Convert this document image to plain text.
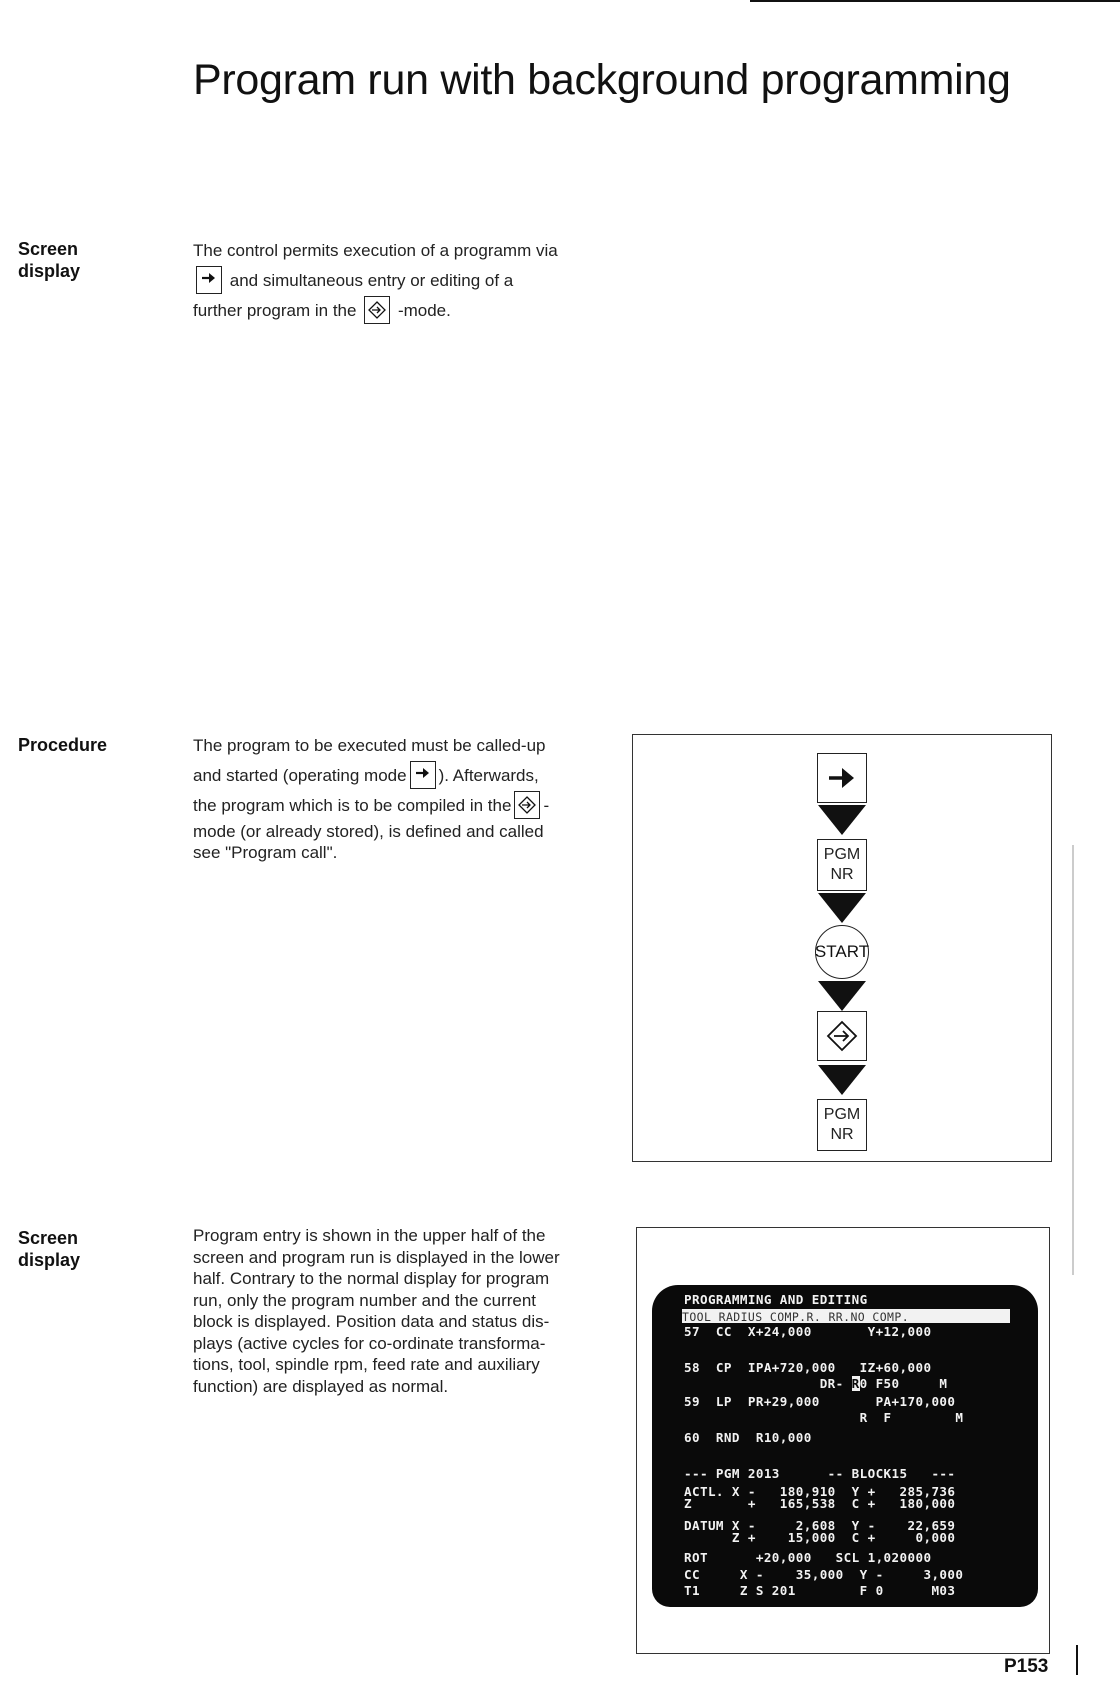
Program run with background programming
Screen
display
The control permits execution of a programm via
and simultaneous entry or editing of a
further program in the -mode.
Procedure	The program to be executed must be called-up
and started (operating mode ). Afterwards,
the program which is to be compiled in the -
mode (or already stored), is defined and called
see "Program call".	PGM
NR
START
PGM
NR
Screen
display
Program entry is shown in the upper half of the
screen and program run is displayed in the lower
half. Contrary to the normal display for program
run, only the program number and the current
block is displayed. Position data and status dis-
plays (active cycles for co-ordinate transforma-
tions, tool, spindle rpm, feed rate and auxiliary
function) are displayed as normal.
PROGRAMMING AND EDITING
TOOL RADIUS COMP.R. RR.NO COMP.
57  CC  X+24,000       Y+12,000
58  CP  IPA+720,000   IZ+60,000
DR- R0 F50     M
59  LP  PR+29,000       PA+170,000
R  F        M
60  RND  R10,000
--- PGM 2013      -- BLOCK15   ---
ACTL. X -   180,910  Y +   285,736
Z       +   165,538  C +   180,000
DATUM X -     2,608  Y -    22,659
Z +    15,000  C +     0,000
ROT      +20,000   SCL 1,020000
CC     X -    35,000  Y -     3,000
T1     Z S 201        F 0      M03
P153
